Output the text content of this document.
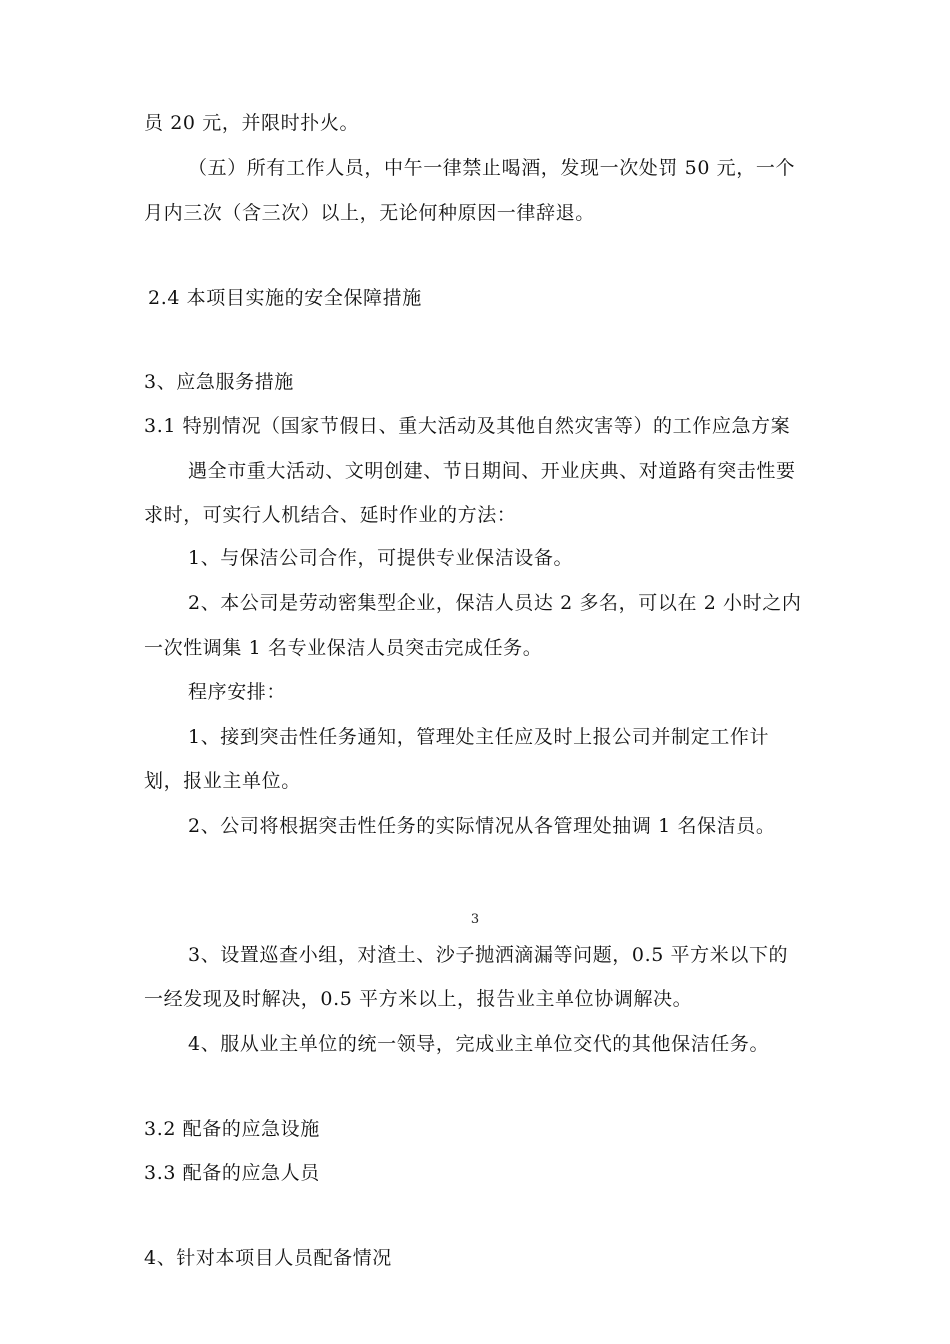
员 20 元，并限时扑火。
（五）所有工作人员，中午一律禁止喝酒，发现一次处罚 50 元，一个
月内三次（含三次）以上，无论何种原因一律辞退。
2.4 本项目实施的安全保障措施
3、应急服务措施
3.1 特别情况（国家节假日、重大活动及其他自然灾害等）的工作应急方案
遇全市重大活动、文明创建、节日期间、开业庆典、对道路有突击性要
求时，可实行人机结合、延时作业的方法：
1、与保洁公司合作，可提供专业保洁设备。
2、本公司是劳动密集型企业，保洁人员达 2 多名，可以在 2 小时之内
一次性调集 1 名专业保洁人员突击完成任务。
程序安排：
1、接到突击性任务通知，管理处主任应及时上报公司并制定工作计
划，报业主单位。
2、公司将根据突击性任务的实际情况从各管理处抽调 1 名保洁员。
3
3、设置巡查小组，对渣土、沙子抛洒滴漏等问题，0.5 平方米以下的
一经发现及时解决，0.5 平方米以上，报告业主单位协调解决。
4、服从业主单位的统一领导，完成业主单位交代的其他保洁任务。
3.2 配备的应急设施
3.3 配备的应急人员
4、针对本项目人员配备情况
